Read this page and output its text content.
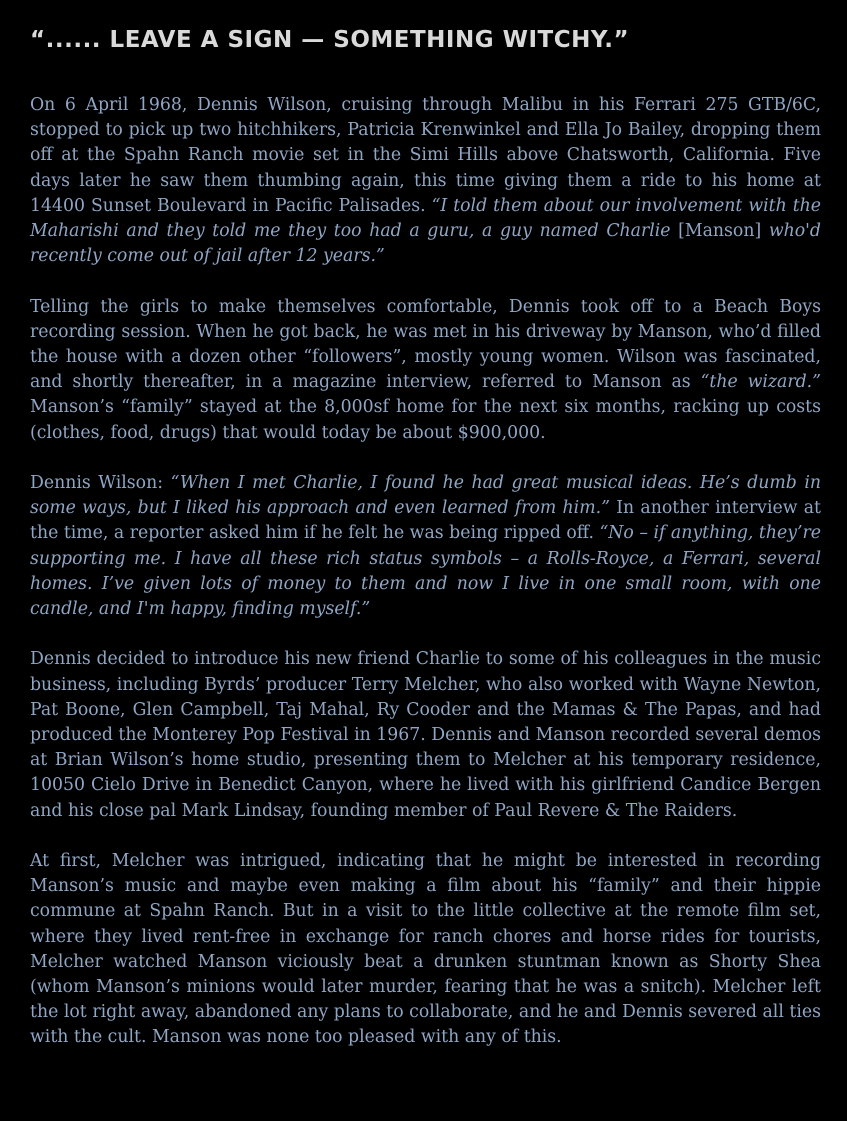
“...... LEAVE A SIGN — SOMETHING WITCHY.”

On 6 April 1968, Dennis Wilson, cruising through Malibu in his Ferrari 275 GTB/6C, stopped to pick up two hitchhikers, Patricia Krenwinkel and Ella Jo Bailey, dropping them off at the Spahn Ranch movie set in the Simi Hills above Chatsworth, California. Five days later he saw them thumbing again, this time giving them a ride to his home at 14400 Sunset Boulevard in Pacific Palisades. “I told them about our involvement with the Maharishi and they told me they too had a guru, a guy named Charlie [Manson] who'd recently come out of jail after 12 years.”

Telling the girls to make themselves comfortable, Dennis took off to a Beach Boys recording session. When he got back, he was met in his driveway by Manson, who’d filled the house with a dozen other “followers”, mostly young women. Wilson was fascinated, and shortly thereafter, in a magazine interview, referred to Manson as “the wizard.” Manson’s “family” stayed at the 8,000sf home for the next six months, racking up costs (clothes, food, drugs) that would today be about $900,000.

Dennis Wilson: “When I met Charlie, I found he had great musical ideas. He’s dumb in some ways, but I liked his approach and even learned from him.” In another interview at the time, a reporter asked him if he felt he was being ripped off. “No – if anything, they’re supporting me. I have all these rich status symbols – a Rolls-Royce, a Ferrari, several homes. I’ve given lots of money to them and now I live in one small room, with one candle, and I'm happy, finding myself.”

Dennis decided to introduce his new friend Charlie to some of his colleagues in the music business, including Byrds’ producer Terry Melcher, who also worked with Wayne Newton, Pat Boone, Glen Campbell, Taj Mahal, Ry Cooder and the Mamas & The Papas, and had produced the Monterey Pop Festival in 1967. Dennis and Manson recorded several demos at Brian Wilson’s home studio, presenting them to Melcher at his temporary residence, 10050 Cielo Drive in Benedict Canyon, where he lived with his girlfriend Candice Bergen and his close pal Mark Lindsay, founding member of Paul Revere & The Raiders.

At first, Melcher was intrigued, indicating that he might be interested in recording Manson’s music and maybe even making a film about his “family” and their hippie commune at Spahn Ranch. But in a visit to the little collective at the remote film set, where they lived rent-free in exchange for ranch chores and horse rides for tourists, Melcher watched Manson viciously beat a drunken stuntman known as Shorty Shea (whom Manson’s minions would later murder, fearing that he was a snitch). Melcher left the lot right away, abandoned any plans to collaborate, and he and Dennis severed all ties with the cult. Manson was none too pleased with any of this.
